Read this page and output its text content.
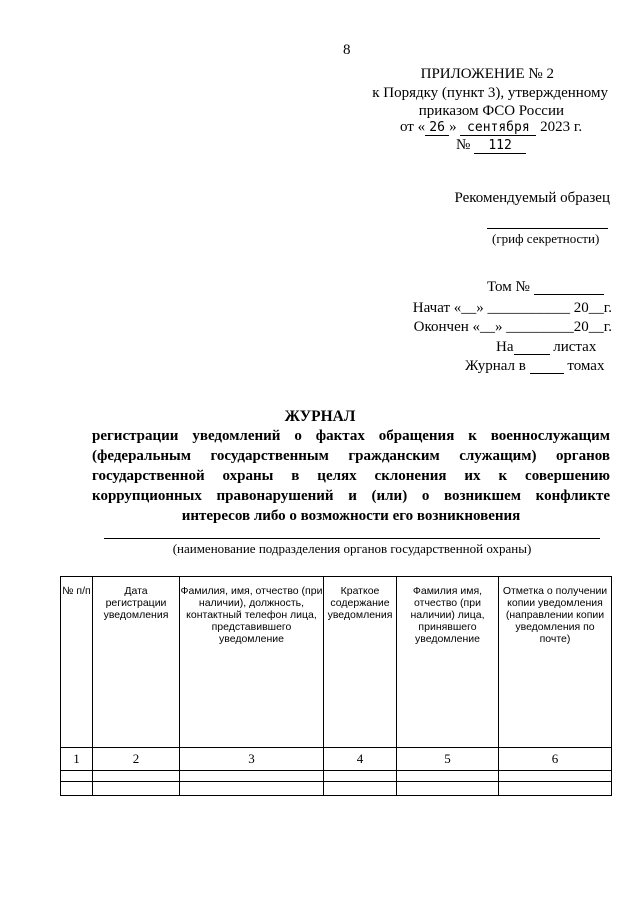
8
ПРИЛОЖЕНИЕ № 2
к Порядку (пункт 3), утвержденному
приказом ФСО России
от « 26 » сентября 2023 г.
№ 112
Рекомендуемый образец
(гриф секретности)
Том №
Начат «__» ___________ 20__г.
Окончен «__» _________20__г.
На	листах
Журнал в	томах
ЖУРНАЛ
регистрации уведомлений о фактах обращения к военнослужащим
(федеральным государственным гражданским служащим) органов
государственной охраны в целях склонения их к совершению
коррупционных правонарушений и (или) о возникшем конфликте
интересов либо о возможности его возникновения
(наименование подразделения органов государственной охраны)
№ п/п	Дата регистрации уведомления	Фамилия, имя, отчество (при наличии), должность, контактный телефон лица, представившего уведомление	Краткое содержание уведомления	Фамилия имя, отчество (при наличии) лица, принявшего уведомление	Отметка о получении копии уведомления (направлении копии уведомления по почте)
1	2	3	4	5	6
